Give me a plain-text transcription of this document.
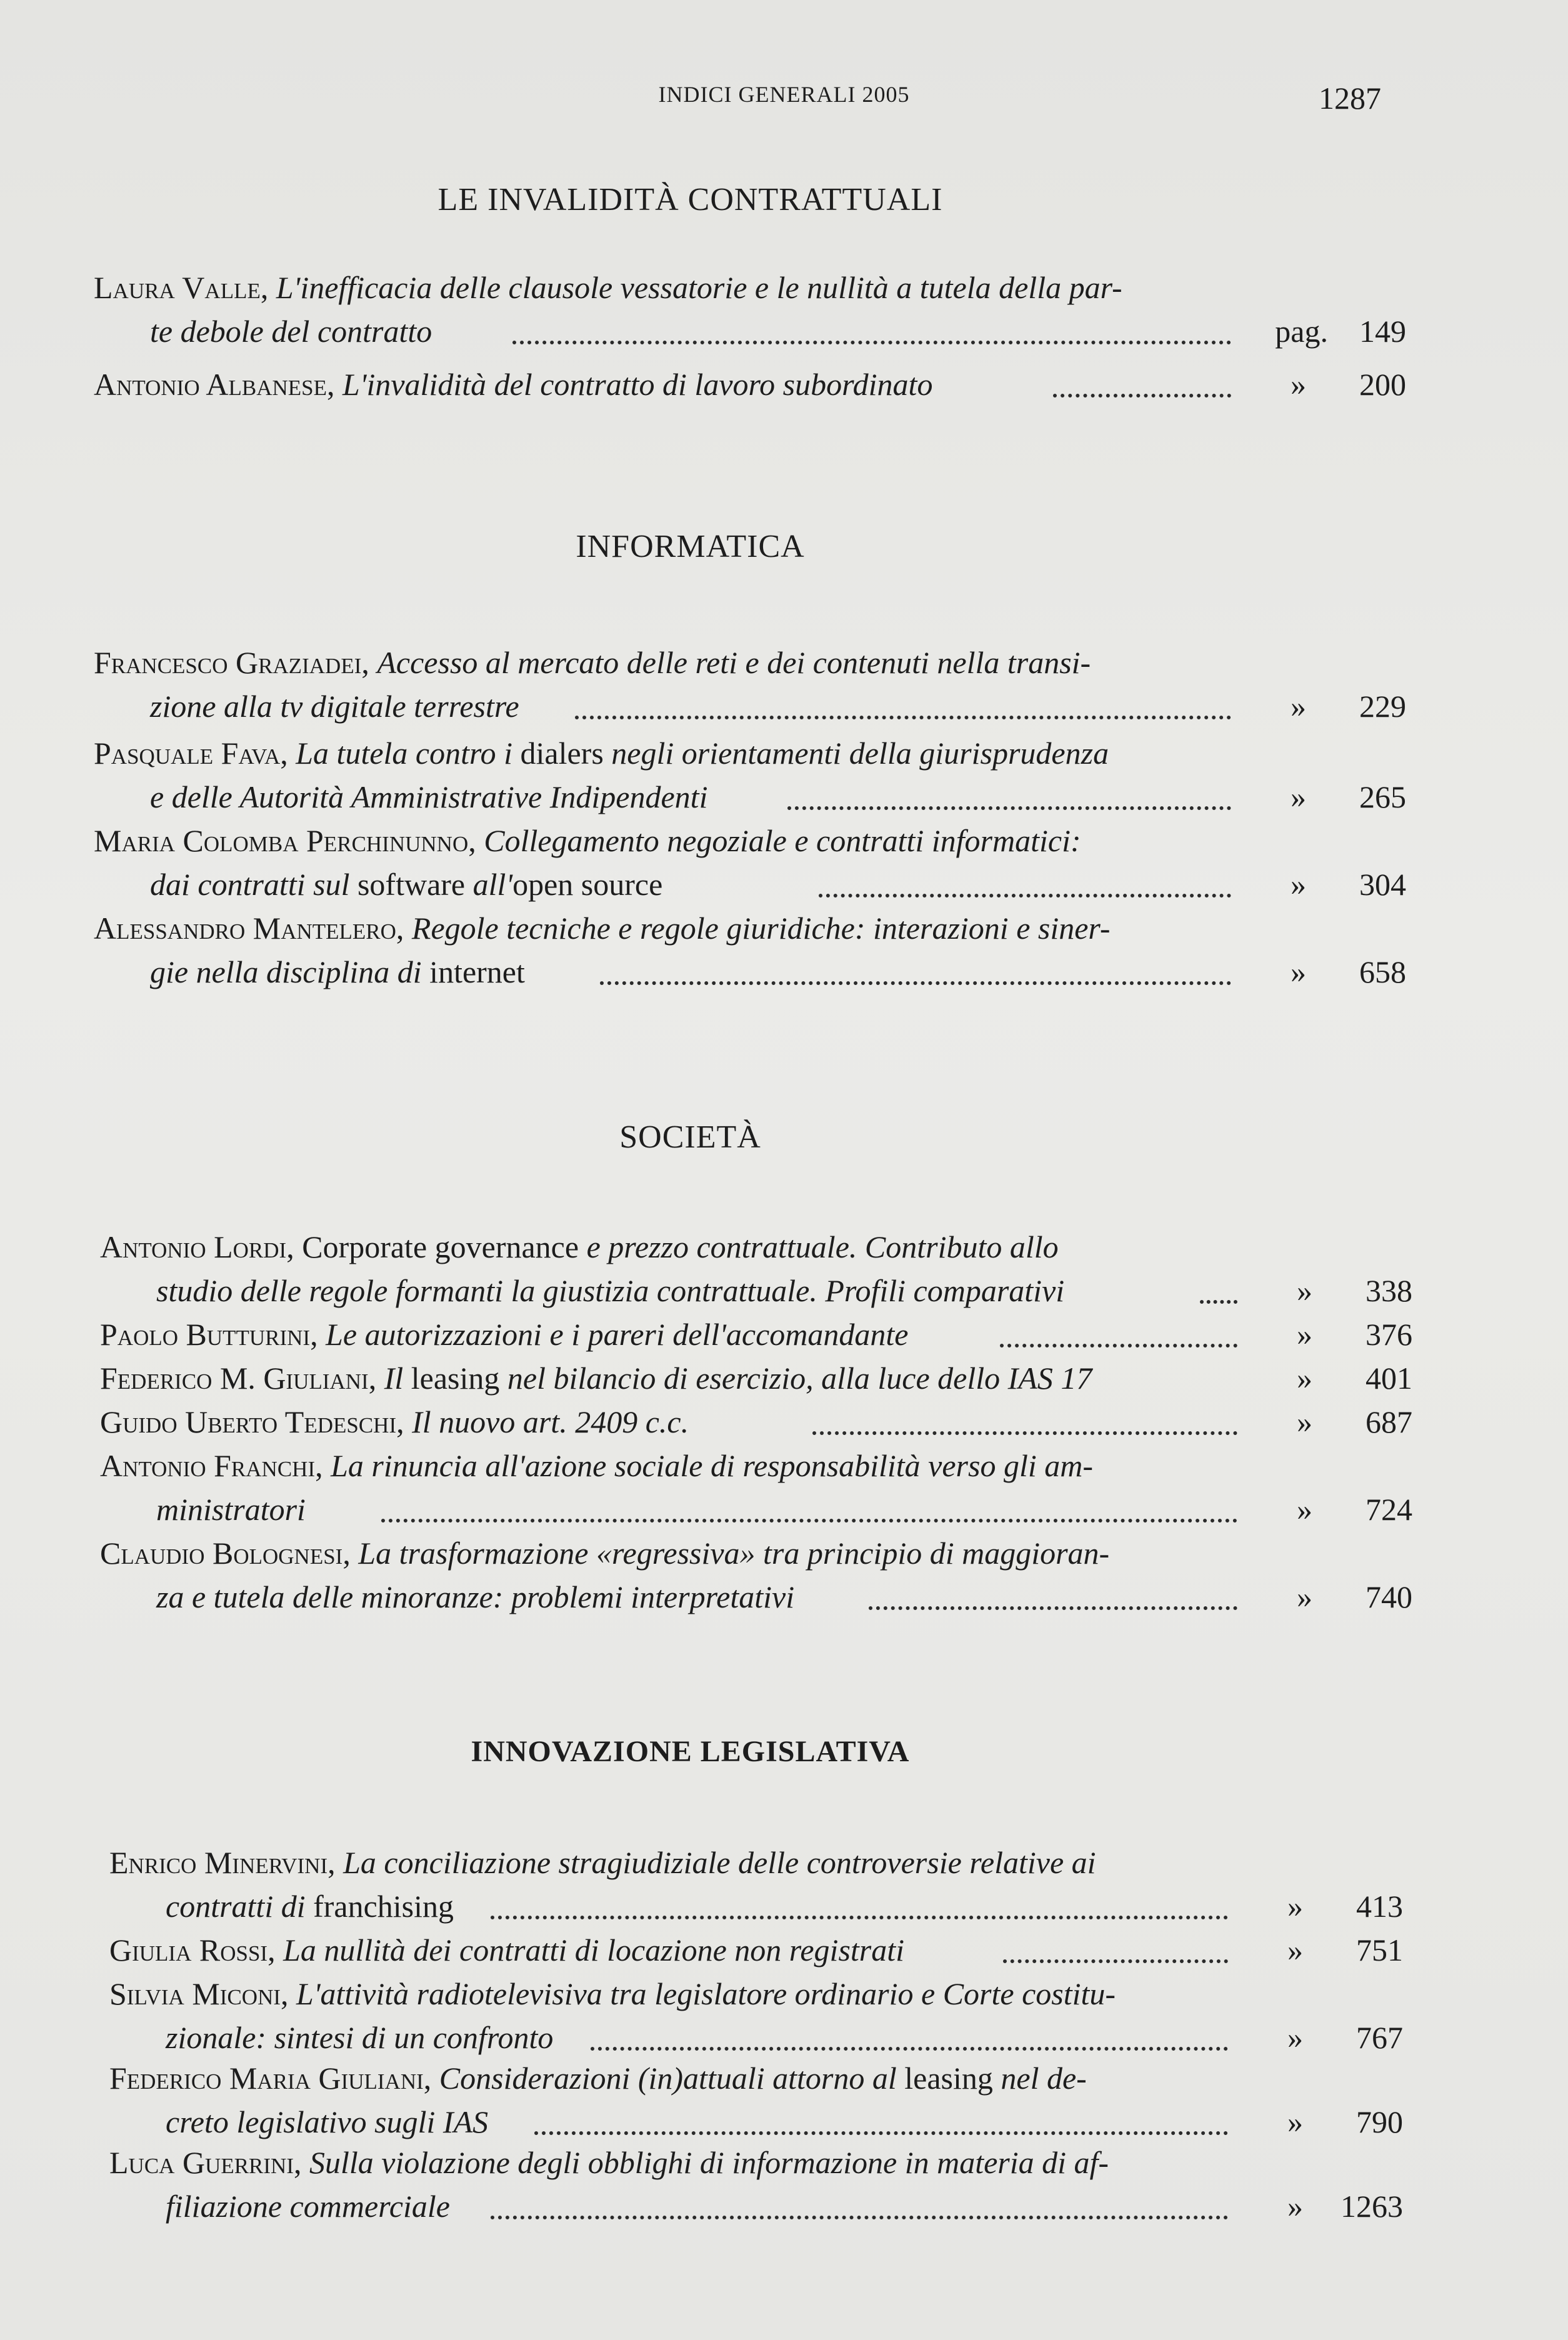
INDICI GENERALI 2005	1287
LE INVALIDITÀ CONTRATTUALI
Laura Valle, L'inefficacia delle clausole vessatorie e le nullità a tutela della par-
te debole del contratto	pag. 149
Antonio Albanese, L'invalidità del contratto di lavoro subordinato	» 200
INFORMATICA
Francesco Graziadei, Accesso al mercato delle reti e dei contenuti nella transi-
zione alla tv digitale terrestre	» 229
Pasquale Fava, La tutela contro i dialers negli orientamenti della giurisprudenza
e delle Autorità Amministrative Indipendenti	» 265
Maria Colomba Perchinunno, Collegamento negoziale e contratti informatici:
dai contratti sul software all'open source	» 304
Alessandro Mantelero, Regole tecniche e regole giuridiche: interazioni e siner-
gie nella disciplina di internet	» 658
SOCIETÀ
Antonio Lordi, Corporate governance e prezzo contrattuale. Contributo allo
studio delle regole formanti la giustizia contrattuale. Profili comparativi	» 338
Paolo Butturini, Le autorizzazioni e i pareri dell'accomandante	» 376
Federico M. Giuliani, Il leasing nel bilancio di esercizio, alla luce dello IAS 17	» 401
Guido Uberto Tedeschi, Il nuovo art. 2409 c.c.	» 687
Antonio Franchi, La rinuncia all'azione sociale di responsabilità verso gli am-
ministratori	» 724
Claudio Bolognesi, La trasformazione «regressiva» tra principio di maggioran-
za e tutela delle minoranze: problemi interpretativi	» 740
INNOVAZIONE LEGISLATIVA
Enrico Minervini, La conciliazione stragiudiziale delle controversie relative ai
contratti di franchising	» 413
Giulia Rossi, La nullità dei contratti di locazione non registrati	» 751
Silvia Miconi, L'attività radiotelevisiva tra legislatore ordinario e Corte costitu-
zionale: sintesi di un confronto	» 767
Federico Maria Giuliani, Considerazioni (in)attuali attorno al leasing nel de-
creto legislativo sugli IAS	» 790
Luca Guerrini, Sulla violazione degli obblighi di informazione in materia di af-
filiazione commerciale	» 1263
